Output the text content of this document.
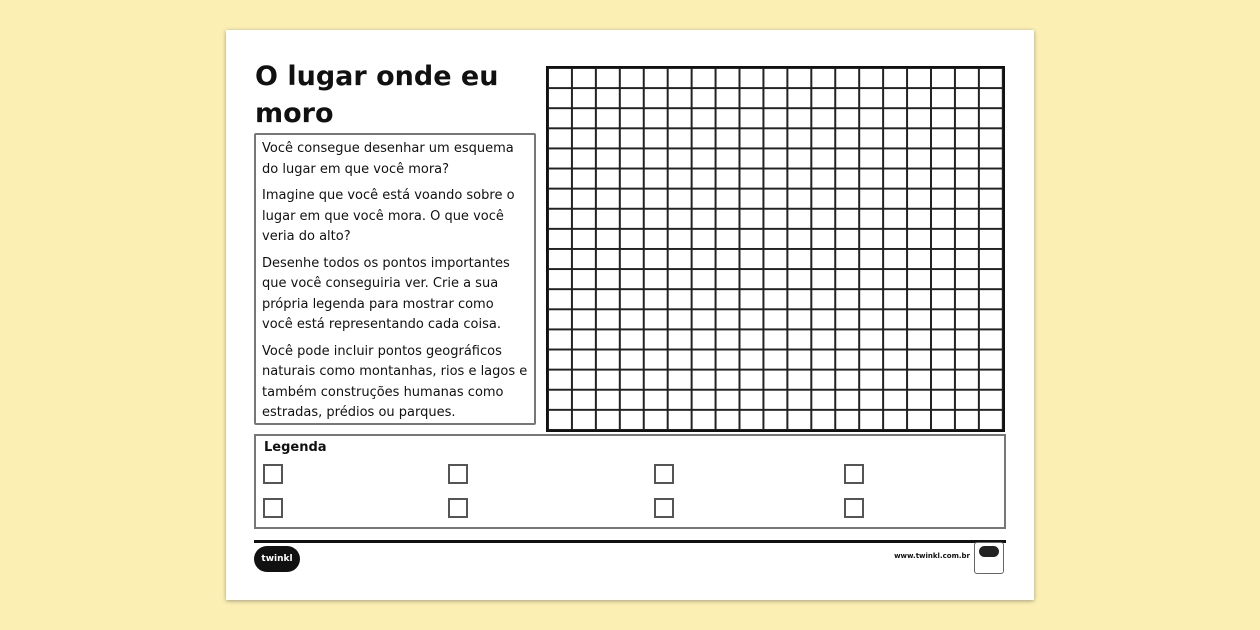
O lugar onde eu moro

Você consegue desenhar um esquema do lugar em que você mora?

Imagine que você está voando sobre o lugar em que você mora. O que você veria do alto?

Desenhe todos os pontos importantes que você conseguiria ver. Crie a sua própria legenda para mostrar como você está representando cada coisa.

Você pode incluir pontos geográficos naturais como montanhas, rios e lagos e também construções humanas como estradas, prédios ou parques.

Legenda
twinkl	www.twinkl.com.br
